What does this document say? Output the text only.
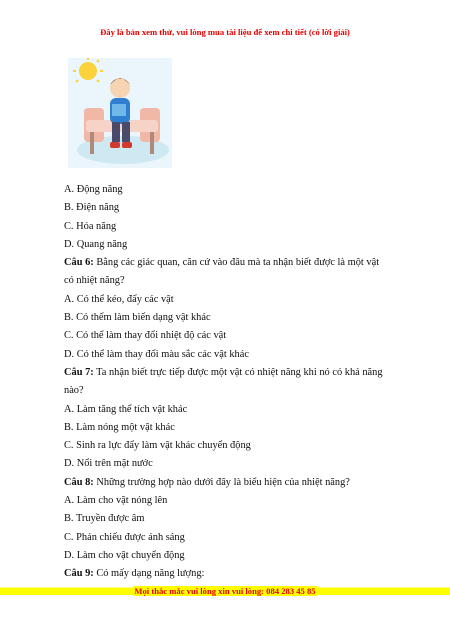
Đây là bản xem thử, vui lòng mua tài liệu để xem chi tiết (có lời giải)
A. Động năng
B. Điện năng
C. Hóa năng
D. Quang năng
Câu 6: Bằng các giác quan, căn cứ vào đâu mà ta nhận biết được là một vật
có nhiệt năng?
A. Có thể kéo, đẩy các vật
B. Có thểm làm biến dạng vật khác
C. Có thể làm thay đổi nhiệt độ các vật
D. Có thể làm thay đổi màu sắc các vật khác
Câu 7: Ta nhận biết trực tiếp được một vật có nhiệt năng khi nó có khả năng
nào?
A. Làm tăng thể tích vật khác
B. Làm nóng một vật khác
C. Sinh ra lực đẩy làm vật khác chuyển động
D. Nổi trên mặt nước
Câu 8: Những trường hợp nào dưới đây là biểu hiện của nhiệt năng?
A. Làm cho vật nóng lên
B. Truyền được âm
C. Phản chiếu được ánh sáng
D. Làm cho vật chuyển động
Câu 9: Có mấy dạng năng lượng:
Mọi thắc mắc vui lòng xin vui lòng: 084 283 45 85
